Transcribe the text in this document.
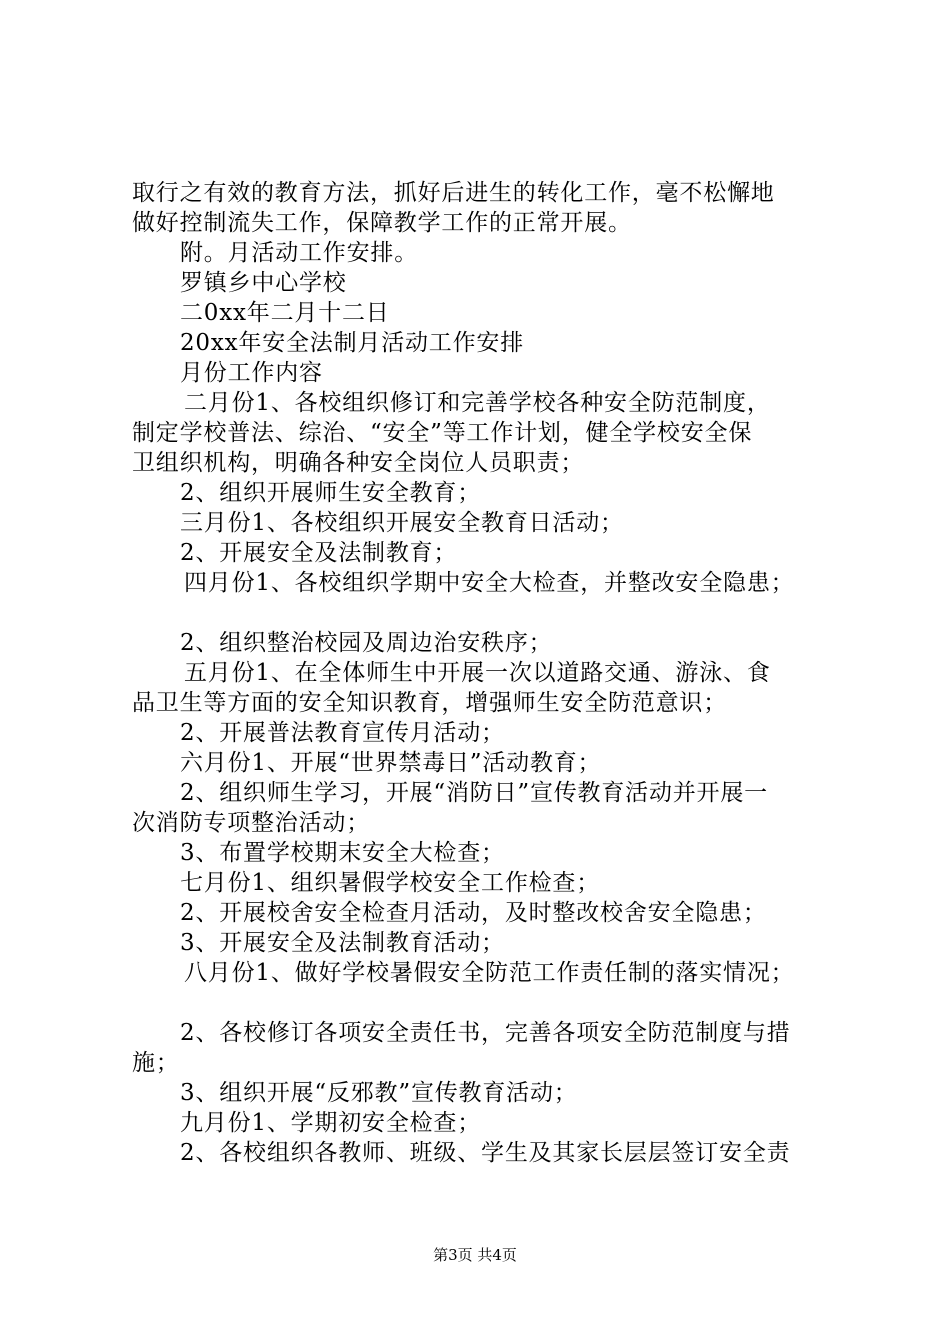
取行之有效的教育方法，抓好后进生的转化工作，毫不松懈地
做好控制流失工作，保障教学工作的正常开展。
附。月活动工作安排。
罗镇乡中心学校
二0xx年二月十二日
20xx年安全法制月活动工作安排
月份工作内容
二月份1、各校组织修订和完善学校各种安全防范制度，
制定学校普法、综治、“安全”等工作计划，健全学校安全保
卫组织机构，明确各种安全岗位人员职责；
2、组织开展师生安全教育；
三月份1、各校组织开展安全教育日活动；
2、开展安全及法制教育；
四月份1、各校组织学期中安全大检查，并整改安全隐患；
2、组织整治校园及周边治安秩序；
五月份1、在全体师生中开展一次以道路交通、游泳、食
品卫生等方面的安全知识教育，增强师生安全防范意识；
2、开展普法教育宣传月活动；
六月份1、开展“世界禁毒日”活动教育；
2、组织师生学习，开展“消防日”宣传教育活动并开展一
次消防专项整治活动；
3、布置学校期末安全大检查；
七月份1、组织暑假学校安全工作检查；
2、开展校舍安全检查月活动，及时整改校舍安全隐患；
3、开展安全及法制教育活动；
八月份1、做好学校暑假安全防范工作责任制的落实情况；
2、各校修订各项安全责任书，完善各项安全防范制度与措
施；
3、组织开展“反邪教”宣传教育活动；
九月份1、学期初安全检查；
2、各校组织各教师、班级、学生及其家长层层签订安全责
第3页 共4页
